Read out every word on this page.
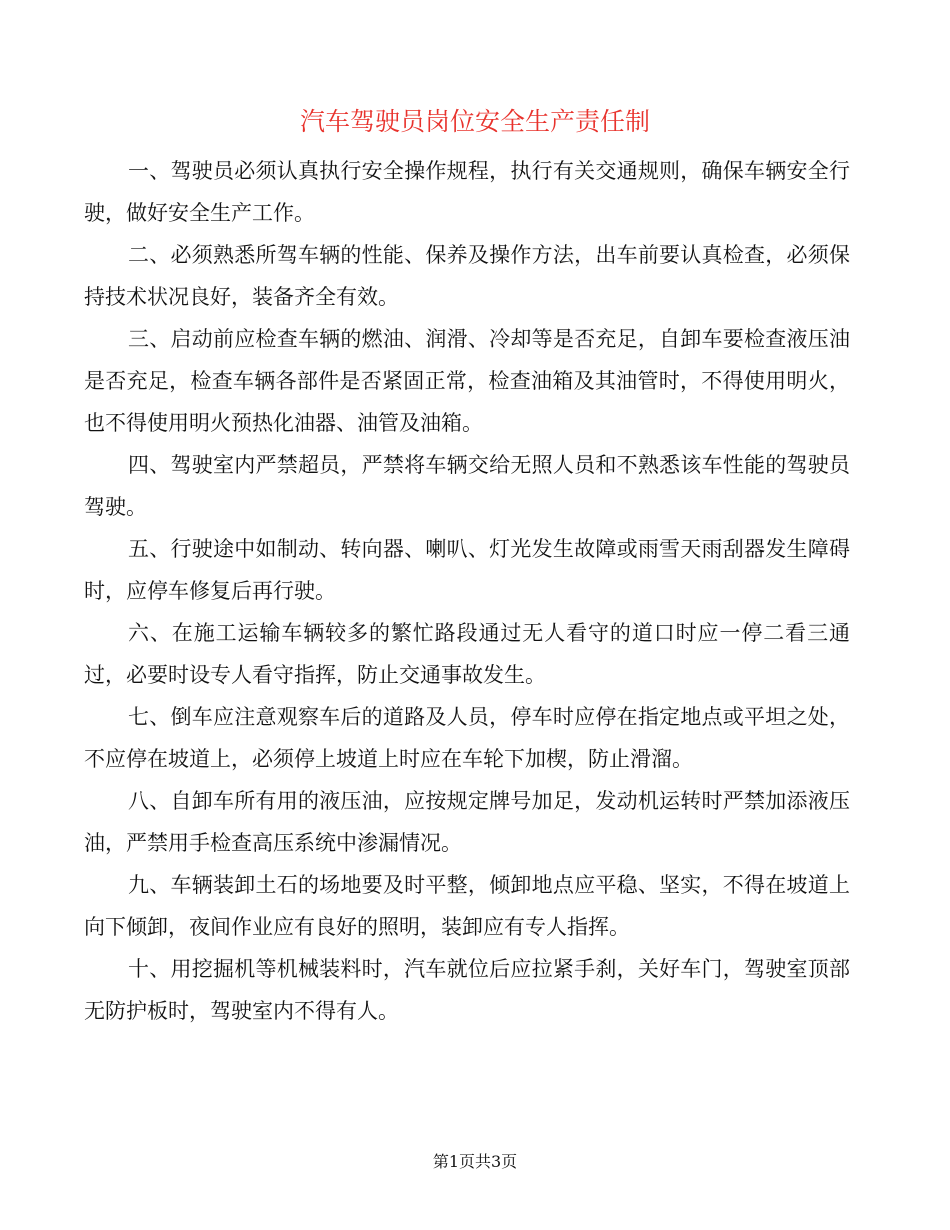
汽车驾驶员岗位安全生产责任制

一、驾驶员必须认真执行安全操作规程，执行有关交通规则，确保车辆安全行驶，做好安全生产工作。

二、必须熟悉所驾车辆的性能、保养及操作方法，出车前要认真检查，必须保持技术状况良好，装备齐全有效。

三、启动前应检查车辆的燃油、润滑、冷却等是否充足，自卸车要检查液压油是否充足，检查车辆各部件是否紧固正常，检查油箱及其油管时，不得使用明火，也不得使用明火预热化油器、油管及油箱。

四、驾驶室内严禁超员，严禁将车辆交给无照人员和不熟悉该车性能的驾驶员驾驶。

五、行驶途中如制动、转向器、喇叭、灯光发生故障或雨雪天雨刮器发生障碍时，应停车修复后再行驶。

六、在施工运输车辆较多的繁忙路段通过无人看守的道口时应一停二看三通过，必要时设专人看守指挥，防止交通事故发生。

七、倒车应注意观察车后的道路及人员，停车时应停在指定地点或平坦之处，不应停在坡道上，必须停上坡道上时应在车轮下加楔，防止滑溜。

八、自卸车所有用的液压油，应按规定牌号加足，发动机运转时严禁加添液压油，严禁用手检查高压系统中渗漏情况。

九、车辆装卸土石的场地要及时平整，倾卸地点应平稳、坚实，不得在坡道上向下倾卸，夜间作业应有良好的照明，装卸应有专人指挥。

十、用挖掘机等机械装料时，汽车就位后应拉紧手刹，关好车门，驾驶室顶部无防护板时，驾驶室内不得有人。

第1页共3页
